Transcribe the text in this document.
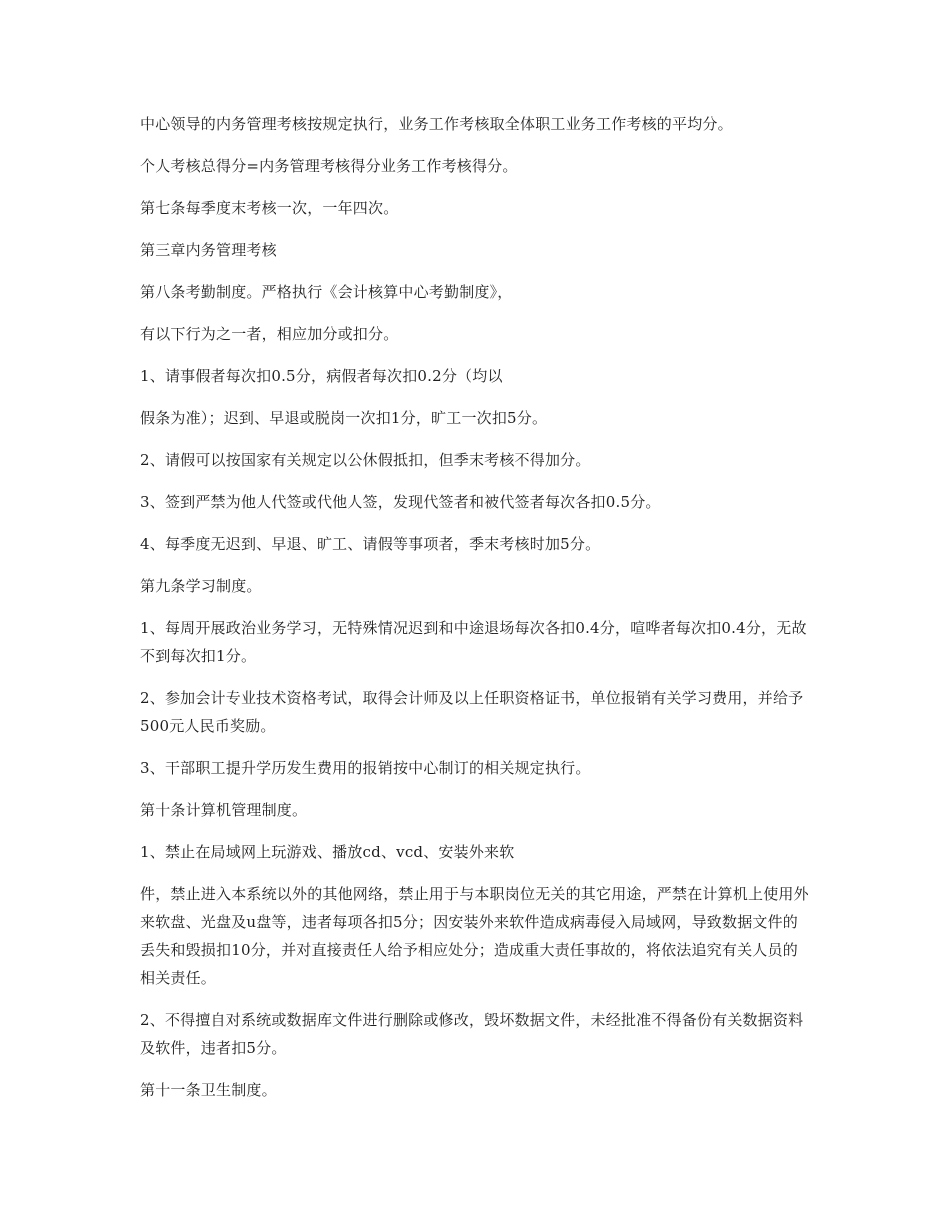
中心领导的内务管理考核按规定执行，业务工作考核取全体职工业务工作考核的平均分。

个人考核总得分=内务管理考核得分业务工作考核得分。

第七条每季度末考核一次，一年四次。

第三章内务管理考核

第八条考勤制度。严格执行《会计核算中心考勤制度》，

有以下行为之一者，相应加分或扣分。

1、请事假者每次扣0.5分，病假者每次扣0.2分（均以

假条为准）；迟到、早退或脱岗一次扣1分，旷工一次扣5分。

2、请假可以按国家有关规定以公休假抵扣，但季末考核不得加分。

3、签到严禁为他人代签或代他人签，发现代签者和被代签者每次各扣0.5分。

4、每季度无迟到、早退、旷工、请假等事项者，季末考核时加5分。

第九条学习制度。

1、每周开展政治业务学习，无特殊情况迟到和中途退场每次各扣0.4分，喧哗者每次扣0.4分，无故不到每次扣1分。

2、参加会计专业技术资格考试，取得会计师及以上任职资格证书，单位报销有关学习费用，并给予500元人民币奖励。

3、干部职工提升学历发生费用的报销按中心制订的相关规定执行。

第十条计算机管理制度。

1、禁止在局域网上玩游戏、播放cd、vcd、安装外来软

件，禁止进入本系统以外的其他网络，禁止用于与本职岗位无关的其它用途，严禁在计算机上使用外来软盘、光盘及u盘等，违者每项各扣5分；因安装外来软件造成病毒侵入局域网，导致数据文件的丢失和毁损扣10分，并对直接责任人给予相应处分；造成重大责任事故的，将依法追究有关人员的相关责任。

2、不得擅自对系统或数据库文件进行删除或修改，毁坏数据文件，未经批准不得备份有关数据资料及软件，违者扣5分。

第十一条卫生制度。
